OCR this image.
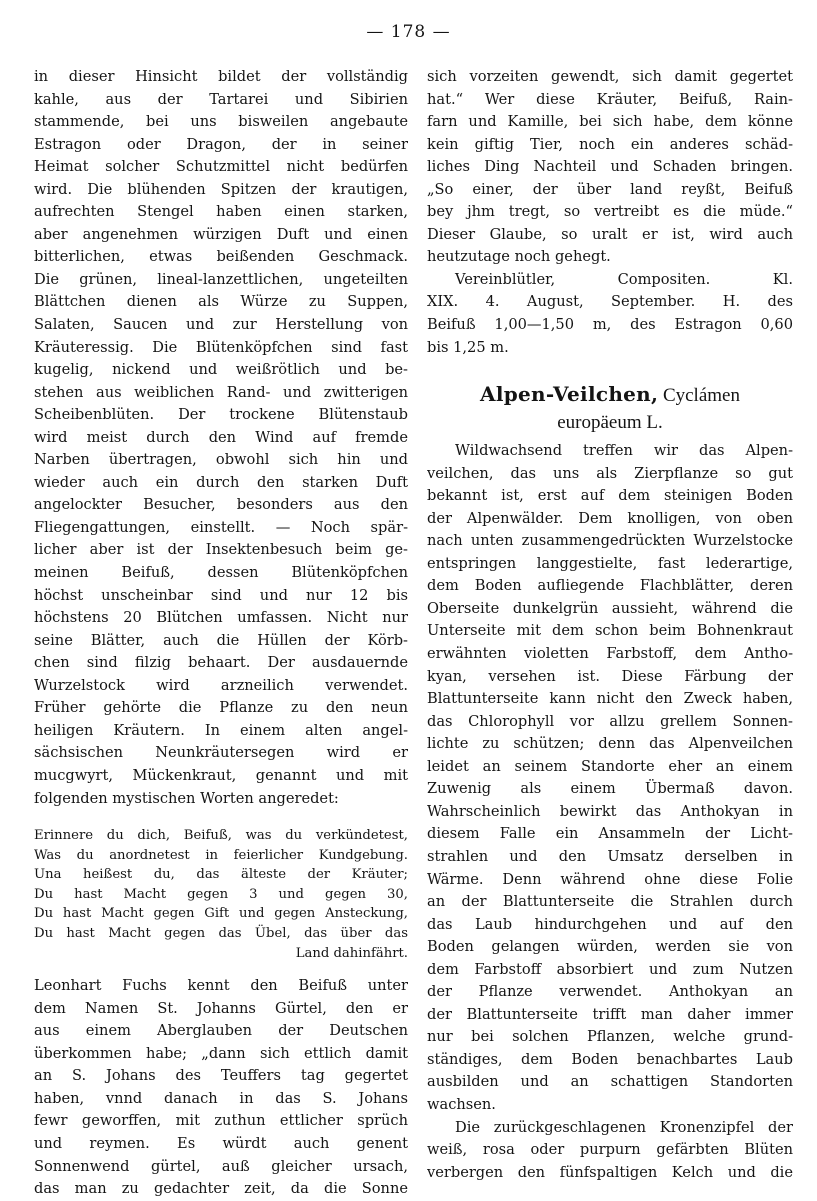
— 178 —
in dieser Hinsicht bildet der vollständig
kahle, aus der Tartarei und Sibirien
stammende, bei uns bisweilen angebaute
Estragon oder Dragon, der in seiner
Heimat solcher Schutzmittel nicht bedürfen
wird. Die blühenden Spitzen der krautigen,
aufrechten Stengel haben einen starken,
aber angenehmen würzigen Duft und einen
bitterlichen, etwas beißenden Geschmack.
Die grünen, lineal-lanzettlichen, ungeteilten
Blättchen dienen als Würze zu Suppen,
Salaten, Saucen und zur Herstellung von
Kräuteressig. Die Blütenköpfchen sind fast
kugelig, nickend und weißrötlich und be-
stehen aus weiblichen Rand- und zwitterigen
Scheibenblüten. Der trockene Blütenstaub
wird meist durch den Wind auf fremde
Narben übertragen, obwohl sich hin und
wieder auch ein durch den starken Duft
angelockter Besucher, besonders aus den
Fliegengattungen, einstellt. — Noch spär-
licher aber ist der Insektenbesuch beim ge-
meinen Beifuß, dessen Blütenköpfchen
höchst unscheinbar sind und nur 12 bis
höchstens 20 Blütchen umfassen. Nicht nur
seine Blätter, auch die Hüllen der Körb-
chen sind filzig behaart. Der ausdauernde
Wurzelstock wird arzneilich verwendet.
Früher gehörte die Pflanze zu den neun
heiligen Kräutern. In einem alten angel-
sächsischen Neunkräutersegen wird er
mucgwyrt, Mückenkraut, genannt und mit
folgenden mystischen Worten angeredet:
Erinnere du dich, Beifuß, was du verkündetest,
Was du anordnetest in feierlicher Kundgebung.
Una heißest du, das älteste der Kräuter;
Du hast Macht gegen 3 und gegen 30,
Du hast Macht gegen Gift und gegen Ansteckung,
Du hast Macht gegen das Übel, das über das
Land dahinfährt.
Leonhart Fuchs kennt den Beifuß unter
dem Namen St. Johanns Gürtel, den er
aus einem Aberglauben der Deutschen
überkommen habe; „dann sich ettlich damit
an S. Johans des Teuffers tag gegertet
haben, vnnd danach in das S. Johans
fewr geworffen, mit zuthun ettlicher sprüch
und reymen. Es würdt auch genent
Sonnenwend gürtel, auß gleicher ursach,
das man zu gedachter zeit, da die Sonne
sich vorzeiten gewendt, sich damit gegertet
hat.“ Wer diese Kräuter, Beifuß, Rain-
farn und Kamille, bei sich habe, dem könne
kein giftig Tier, noch ein anderes schäd-
liches Ding Nachteil und Schaden bringen.
„So einer, der über land reyßt, Beifuß
bey jhm tregt, so vertreibt es die müde.“
Dieser Glaube, so uralt er ist, wird auch
heutzutage noch gehegt.
Vereinblütler, Compositen. Kl.
XIX. 4. August, September. H. des
Beifuß 1,00—1,50 m, des Estragon 0,60
bis 1,25 m.
Alpen-Veilchen, Cyclámen
europäeum L.
Wildwachsend treffen wir das Alpen-
veilchen, das uns als Zierpflanze so gut
bekannt ist, erst auf dem steinigen Boden
der Alpenwälder. Dem knolligen, von oben
nach unten zusammengedrückten Wurzelstocke
entspringen langgestielte, fast lederartige,
dem Boden aufliegende Flachblätter, deren
Oberseite dunkelgrün aussieht, während die
Unterseite mit dem schon beim Bohnenkraut
erwähnten violetten Farbstoff, dem Antho-
kyan, versehen ist. Diese Färbung der
Blattunterseite kann nicht den Zweck haben,
das Chlorophyll vor allzu grellem Sonnen-
lichte zu schützen; denn das Alpenveilchen
leidet an seinem Standorte eher an einem
Zuwenig als einem Übermaß davon.
Wahrscheinlich bewirkt das Anthokyan in
diesem Falle ein Ansammeln der Licht-
strahlen und den Umsatz derselben in
Wärme. Denn während ohne diese Folie
an der Blattunterseite die Strahlen durch
das Laub hindurchgehen und auf den
Boden gelangen würden, werden sie von
dem Farbstoff absorbiert und zum Nutzen
der Pflanze verwendet. Anthokyan an
der Blattunterseite trifft man daher immer
nur bei solchen Pflanzen, welche grund-
ständiges, dem Boden benachbartes Laub
ausbilden und an schattigen Standorten
wachsen.
Die zurückgeschlagenen Kronenzipfel der
weiß, rosa oder purpurn gefärbten Blüten
verbergen den fünfspaltigen Kelch und die
